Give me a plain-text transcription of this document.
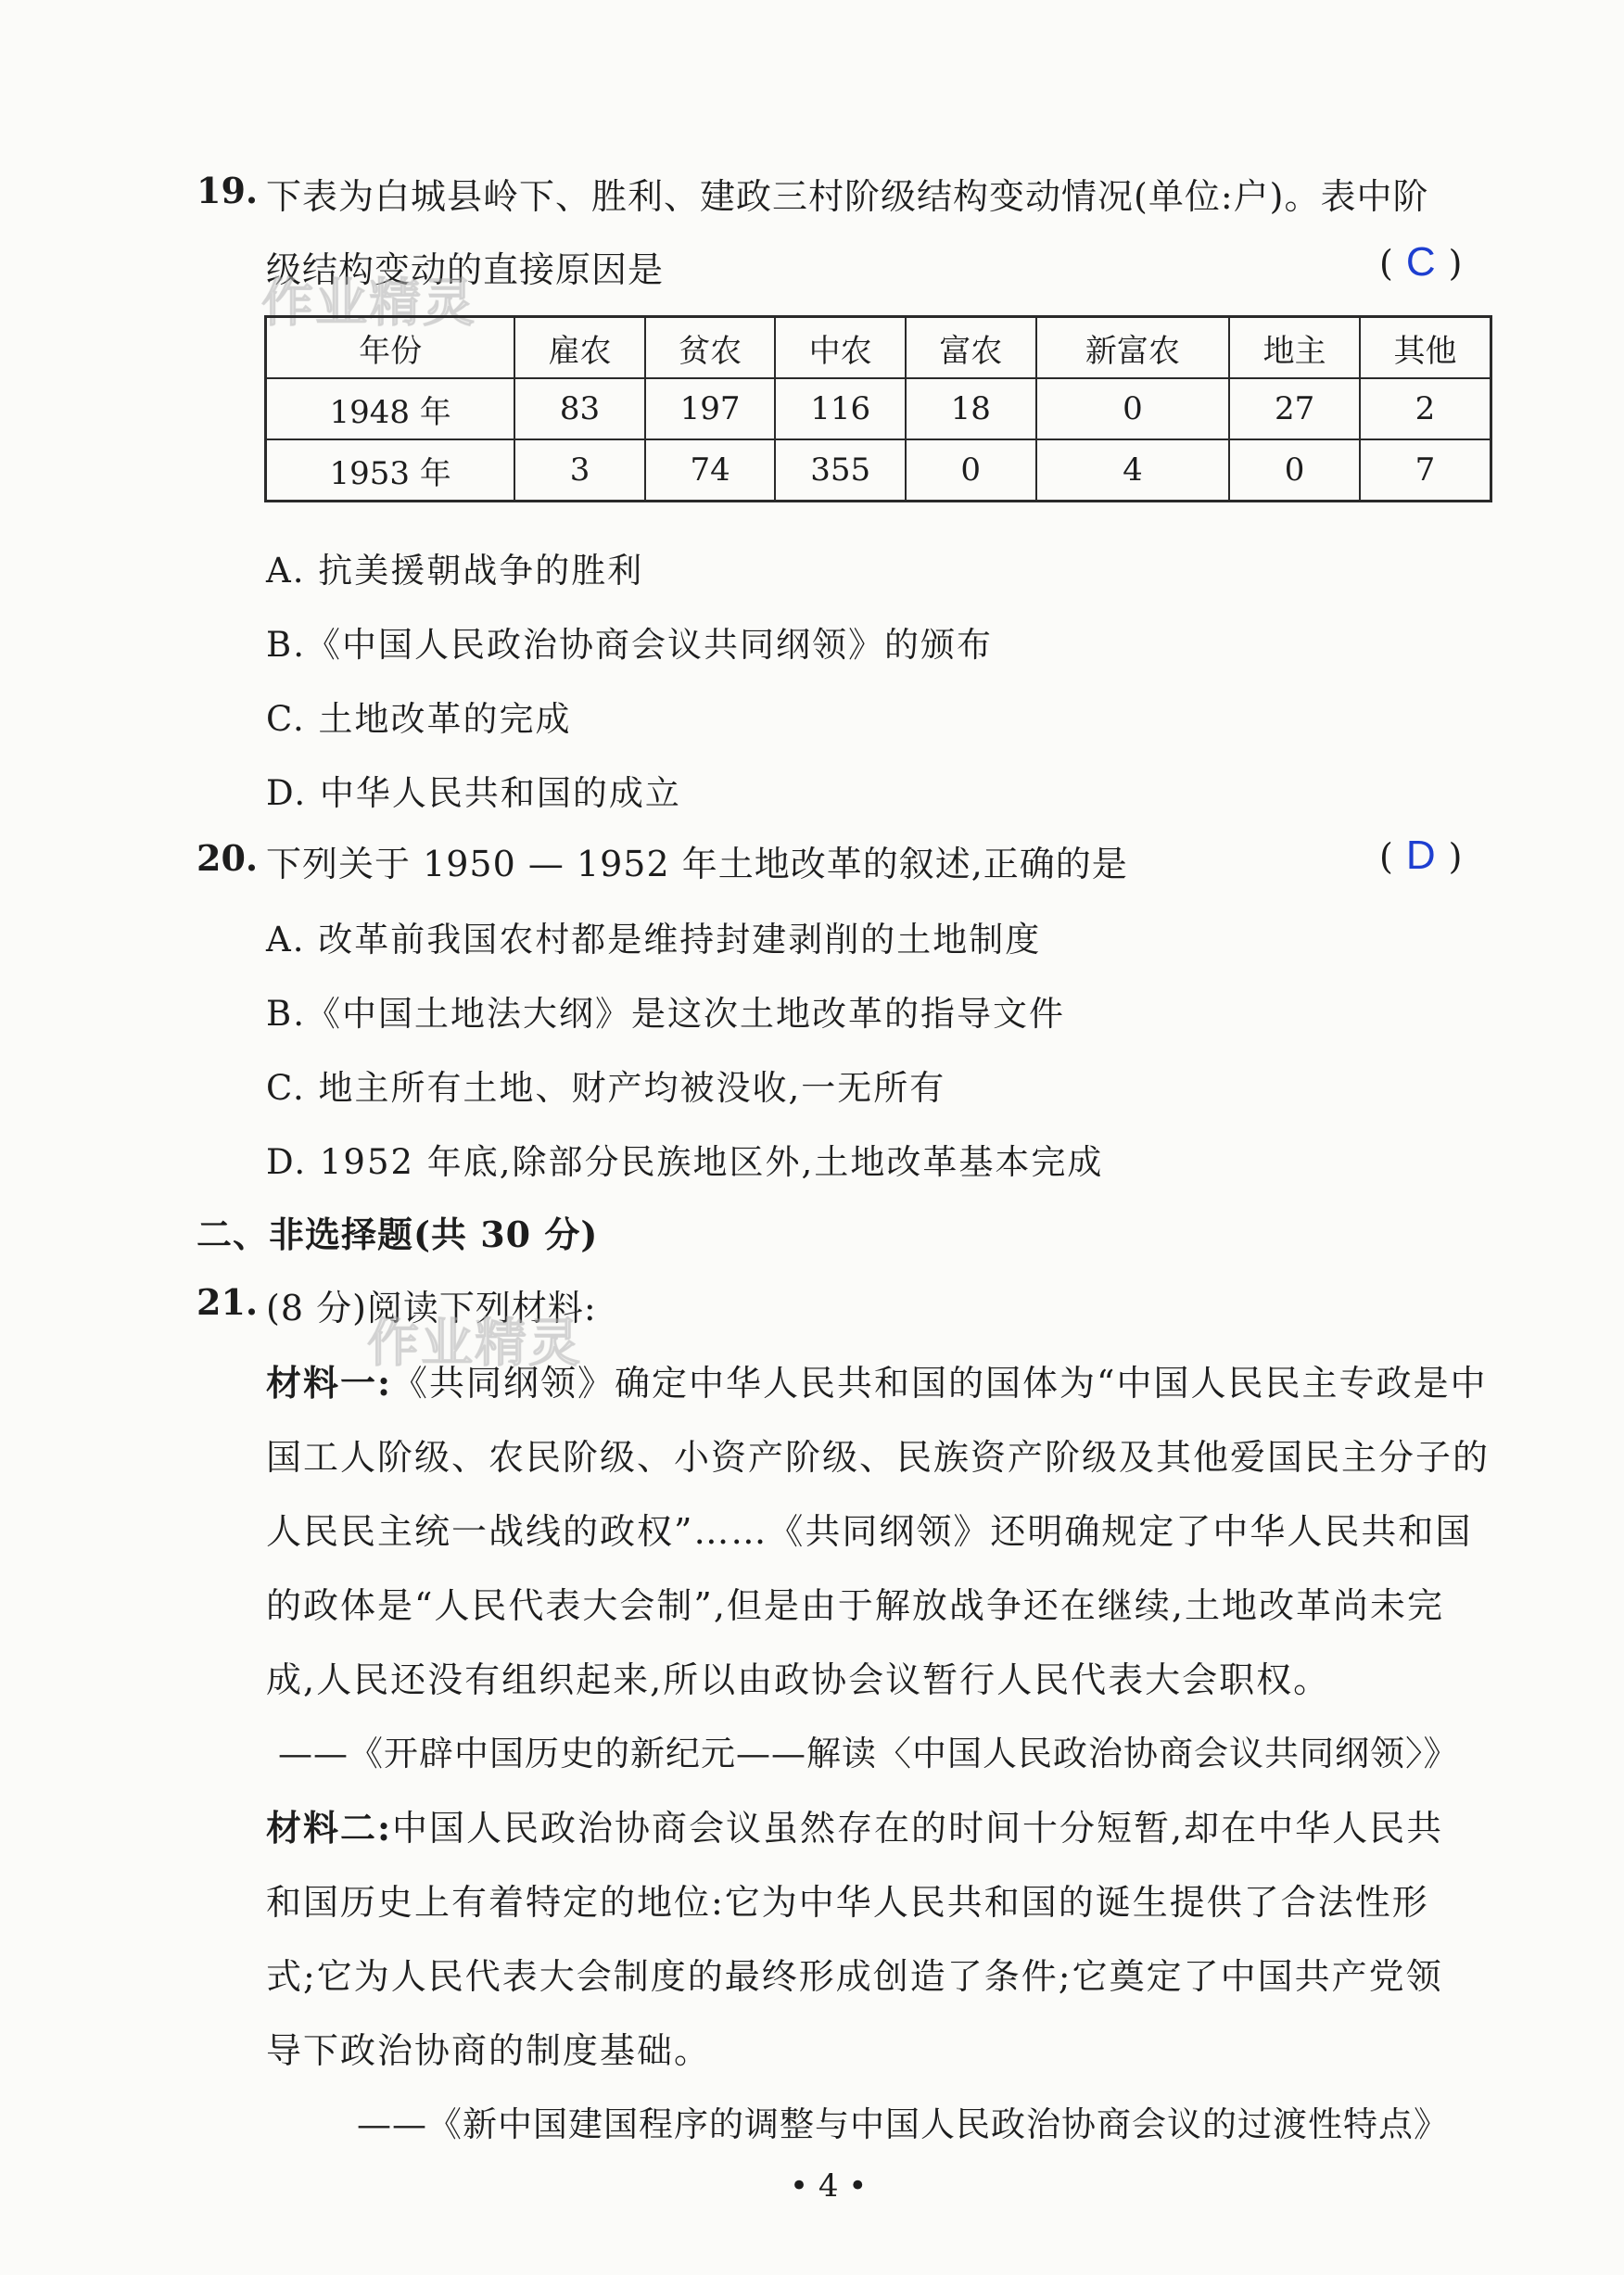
19. 下表为白城县岭下、胜利、建政三村阶级结构变动情况(单位:户)。表中阶
级结构变动的直接原因是
作业精灵
( C )
年份	雇农	贫农	中农	富农	新富农	地主	其他
1948 年	83	197	116	18	0	27	2
1953 年	3	74	355	0	4	0	7
A. 抗美援朝战争的胜利
B.《中国人民政治协商会议共同纲领》的颁布
C. 土地改革的完成
D. 中华人民共和国的成立
20. 下列关于 1950 — 1952 年土地改革的叙述,正确的是	( D )
A. 改革前我国农村都是维持封建剥削的土地制度
B.《中国土地法大纲》是这次土地改革的指导文件
C. 地主所有土地、财产均被没收,一无所有
D. 1952 年底,除部分民族地区外,土地改革基本完成
二、非选择题(共 30 分)
21. (8 分)阅读下列材料:
作业精灵
材料一:《共同纲领》确定中华人民共和国的国体为“中国人民民主专政是中
国工人阶级、农民阶级、小资产阶级、民族资产阶级及其他爱国民主分子的
人民民主统一战线的政权”……《共同纲领》还明确规定了中华人民共和国
的政体是“人民代表大会制”,但是由于解放战争还在继续,土地改革尚未完
成,人民还没有组织起来,所以由政协会议暂行人民代表大会职权。
——《开辟中国历史的新纪元——解读〈中国人民政治协商会议共同纲领〉》
材料二:中国人民政治协商会议虽然存在的时间十分短暂,却在中华人民共
和国历史上有着特定的地位:它为中华人民共和国的诞生提供了合法性形
式;它为人民代表大会制度的最终形成创造了条件;它奠定了中国共产党领
导下政治协商的制度基础。
——《新中国建国程序的调整与中国人民政治协商会议的过渡性特点》
• 4 •
